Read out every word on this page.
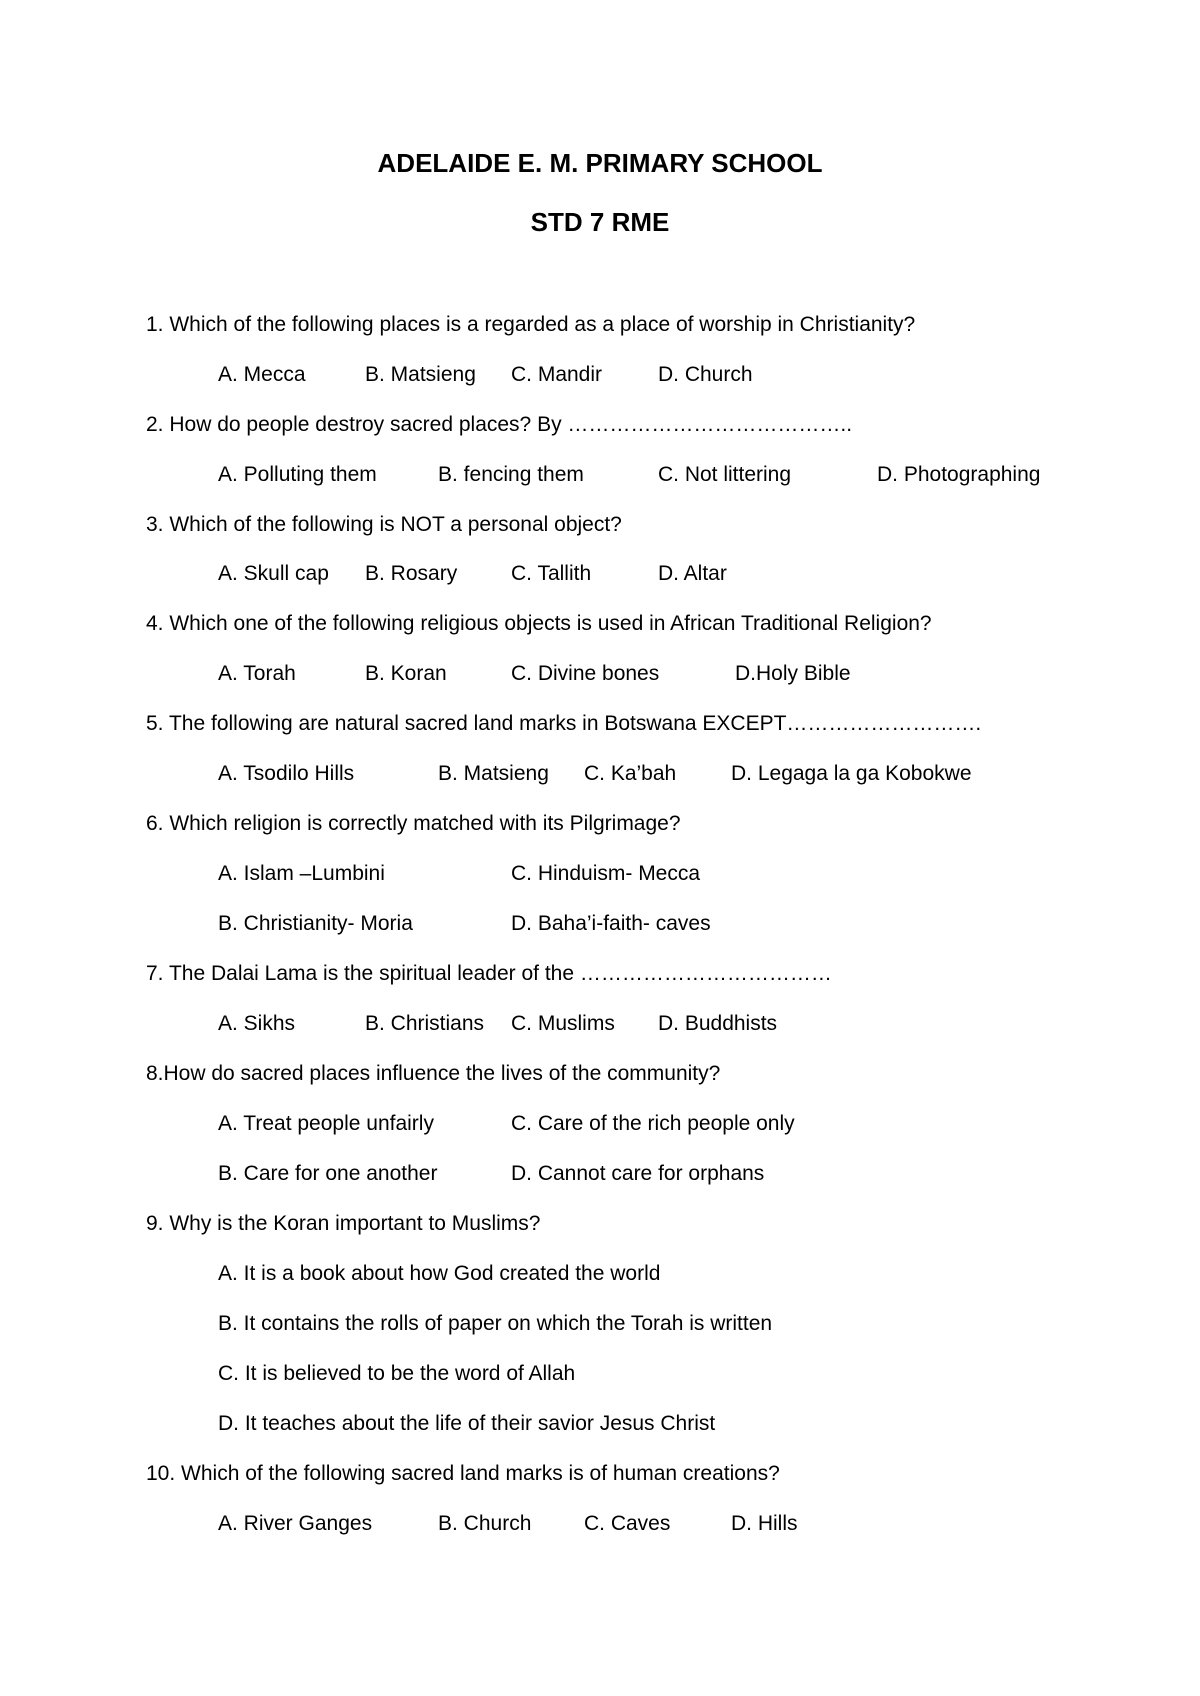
ADELAIDE E. M. PRIMARY SCHOOL
STD 7 RME

1. Which of the following places is a regarded as a place of worship in Christianity?

A. Mecca	B. Matsieng C. Mandir	D. Church

2. How do people destroy sacred places? By …………………………………..

A. Polluting them	B. fencing them	C. Not littering	D. Photographing

3. Which of the following is NOT a personal object?

A. Skull cap B. Rosary	C. Tallith	D. Altar

4. Which one of the following religious objects is used in African Traditional Religion?

A. Torah	B. Koran	C. Divine bones	D.Holy Bible

5. The following are natural sacred land marks in Botswana EXCEPT……………………….

A. Tsodilo Hills	B. Matsieng C. Ka’bah	D. Legaga la ga Kobokwe

6. Which religion is correctly matched with its Pilgrimage?

A. Islam –Lumbini	C. Hinduism- Mecca
B. Christianity- Moria	D. Baha’i-faith- caves

7. The Dalai Lama is the spiritual leader of the ………………………………

A. Sikhs	B. Christians C. Muslims D. Buddhists

8.How do sacred places influence the lives of the community?

A. Treat people unfairly	C. Care of the rich people only
B. Care for one another	D. Cannot care for orphans

9. Why is the Koran important to Muslims?

A. It is a book about how God created the world
B. It contains the rolls of paper on which the Torah is written
C. It is believed to be the word of Allah
D. It teaches about the life of their savior Jesus Christ

10. Which of the following sacred land marks is of human creations?

A. River Ganges	B. Church	C. Caves	D. Hills
